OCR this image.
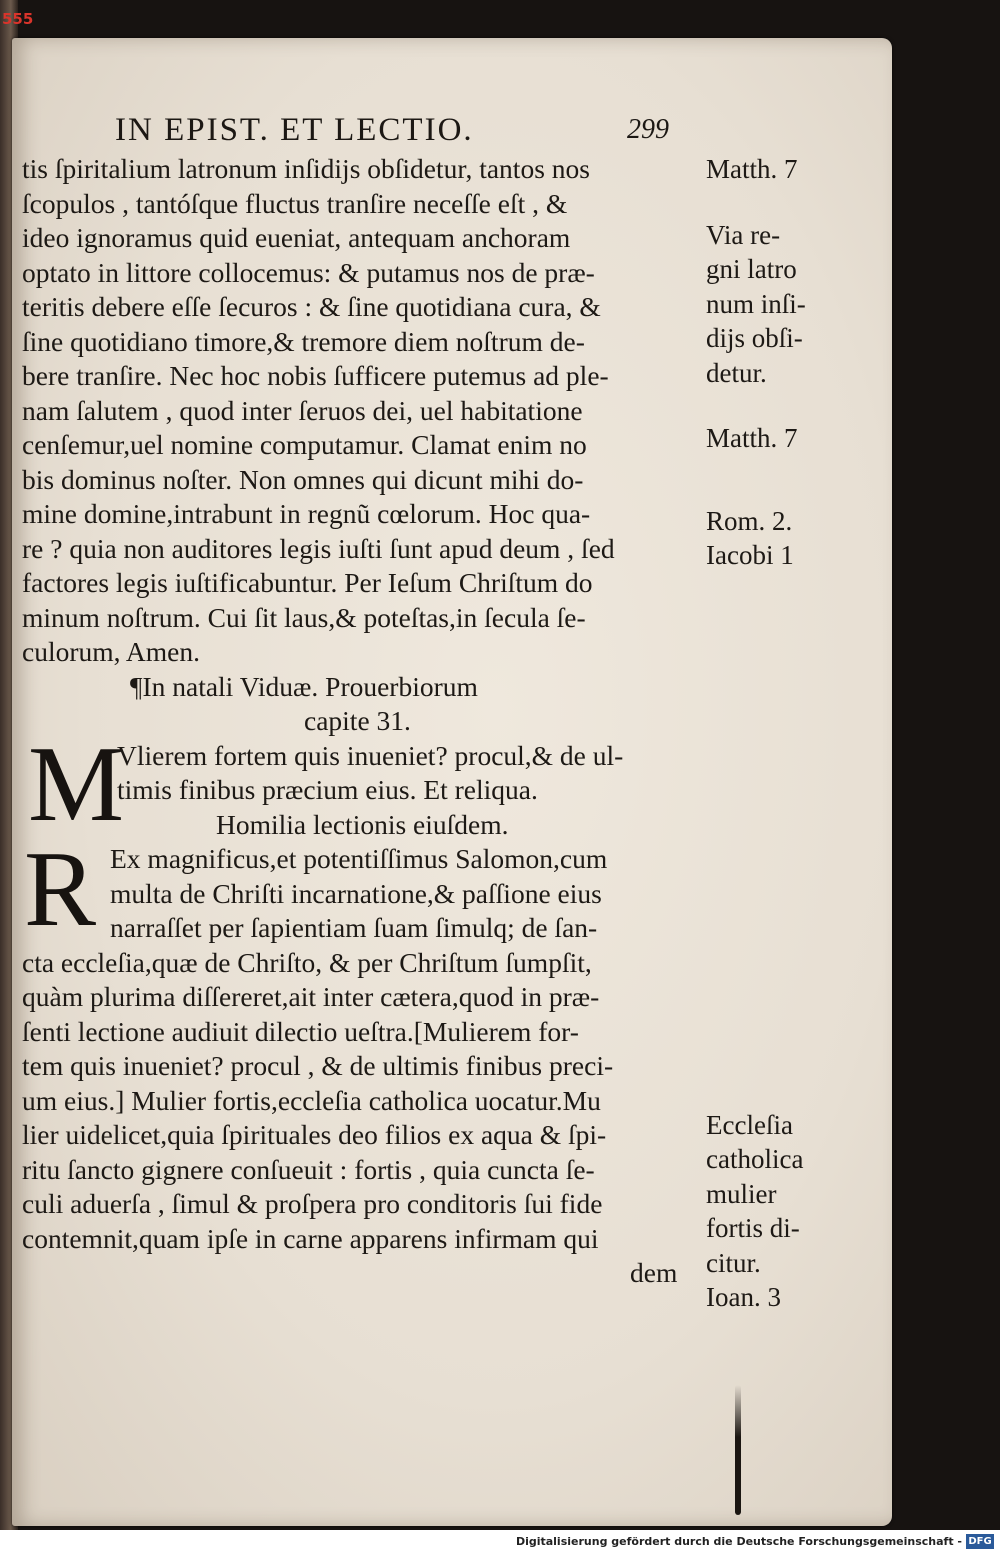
555
IN EPIST. ET LECTIO.	299
tis ſpiritalium latronum inſidijs obſidetur, tantos nos
ſcopulos , tantóſque fluctus tranſire neceſſe eſt , &
ideo ignoramus quid eueniat, antequam anchoram
optato in littore collocemus: & putamus nos de præ-
teritis debere eſſe ſecuros : & ſine quotidiana cura, &
ſine quotidiano timore,& tremore diem noſtrum de-
bere tranſire. Nec hoc nobis ſufficere putemus ad ple-
nam ſalutem , quod inter ſeruos dei, uel habitatione
cenſemur,uel nomine computamur. Clamat enim no
bis dominus noſter. Non omnes qui dicunt mihi do-
mine domine,intrabunt in regnũ cœlorum. Hoc qua-
re ? quia non auditores legis iuſti ſunt apud deum , ſed
factores legis iuſtificabuntur. Per Ieſum Chriſtum do
minum noſtrum. Cui ſit laus,& poteſtas,in ſecula ſe-
culorum, Amen.
¶In natali Viduæ. Prouerbiorum
capite 31.
M
Vlierem fortem quis inueniet? procul,& de ul-
timis finibus præcium eius. Et reliqua.
Homilia lectionis eiuſdem.
R Ex magnificus,et potentiſſimus Salomon,cum
multa de Chriſti incarnatione,& paſſione eius
narraſſet per ſapientiam ſuam ſimulq; de ſan-
cta eccleſia,quæ de Chriſto, & per Chriſtum ſumpſit,
quàm plurima diſſereret,ait inter cætera,quod in præ-
ſenti lectione audiuit dilectio ueſtra.[Mulierem for-
tem quis inueniet? procul , & de ultimis finibus preci-
um eius.] Mulier fortis,eccleſia catholica uocatur.Mu
lier uidelicet,quia ſpirituales deo filios ex aqua & ſpi-
ritu ſancto gignere conſueuit : fortis , quia cuncta ſe-
culi aduerſa , ſimul & proſpera pro conditoris ſui fide
contemnit,quam ipſe in carne apparens infirmam qui
dem
Matth. 7
Via re-
gni latro
num inſi-
dijs obſi-
detur.
Matth. 7
Rom. 2.
Iacobi 1
Eccleſia
catholica
mulier
fortis di-
citur.
Ioan. 3
Digitalisierung gefördert durch die Deutsche Forschungsgemeinschaft - DFG
